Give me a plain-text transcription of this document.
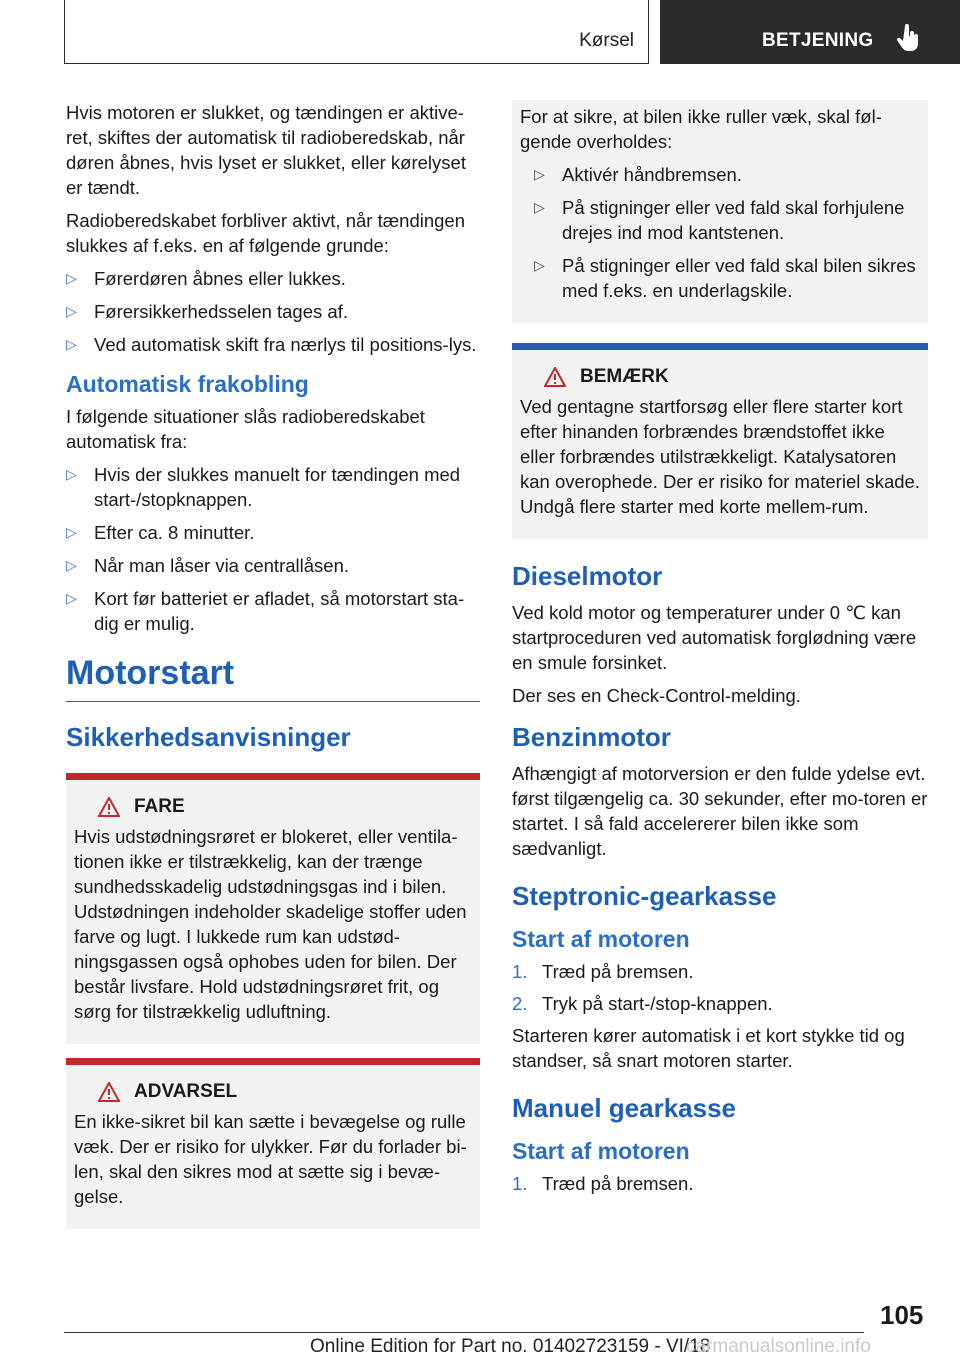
Kørsel	BETJENING

Hvis motoren er slukket, og tændingen er aktive‐ret, skiftes der automatisk til radioberedskab, når døren åbnes, hvis lyset er slukket, eller kørelyset er tændt.

Radioberedskabet forbliver aktivt, når tændingen slukkes af f.eks. en af følgende grunde:

▷ Førerdøren åbnes eller lukkes.
▷ Førersikkerhedsselen tages af.
▷ Ved automatisk skift fra nærlys til positions‐lys.
Automatisk frakobling

I følgende situationer slås radioberedskabet automatisk fra:

▷ Hvis der slukkes manuelt for tændingen med start-/stopknappen.
▷ Efter ca. 8 minutter.
▷ Når man låser via centrallåsen.
▷ Kort før batteriet er afladet, så motorstart sta‐dig er mulig.
Motorstart
Sikkerhedsanvisninger
FARE

Hvis udstødningsrøret er blokeret, eller ventila‐tionen ikke er tilstrækkelig, kan der trænge sundhedsskadelig udstødningsgas ind i bilen. Udstødningen indeholder skadelige stoffer uden farve og lugt. I lukkede rum kan udstød‐ningsgassen også ophobes uden for bilen. Der består livsfare. Hold udstødningsrøret frit, og sørg for tilstrækkelig udluftning.

ADVARSEL

En ikke-sikret bil kan sætte i bevægelse og rulle væk. Der er risiko for ulykker. Før du forlader bi‐len, skal den sikres mod at sætte sig i bevæ‐gelse.

For at sikre, at bilen ikke ruller væk, skal føl‐gende overholdes:

▷ Aktivér håndbremsen.
▷ På stigninger eller ved fald skal forhjulene drejes ind mod kantstenen.
▷ På stigninger eller ved fald skal bilen sikres med f.eks. en underlagskile.
BEMÆRK

Ved gentagne startforsøg eller flere starter kort efter hinanden forbrændes brændstoffet ikke eller forbrændes utilstrækkeligt. Katalysatoren kan overophede. Der er risiko for materiel skade. Undgå flere starter med korte mellem‐rum.

Dieselmotor

Ved kold motor og temperaturer under 0 ℃ kan startproceduren ved automatisk forglødning være en smule forsinket.

Der ses en Check-Control-melding.

Benzinmotor

Afhængigt af motorversion er den fulde ydelse evt. først tilgængelig ca. 30 sekunder, efter mo‐toren er startet. I så fald accelererer bilen ikke som sædvanligt.

Steptronic-gearkasse
Start af motoren
1. Træd på bremsen.
2. Tryk på start-/stop-knappen.

Starteren kører automatisk i et kort stykke tid og standser, så snart motoren starter.

Manuel gearkasse
Start af motoren
1. Træd på bremsen.
105
Online Edition for Part no. 01402723159 - VI/18
carmanualsonline.info
